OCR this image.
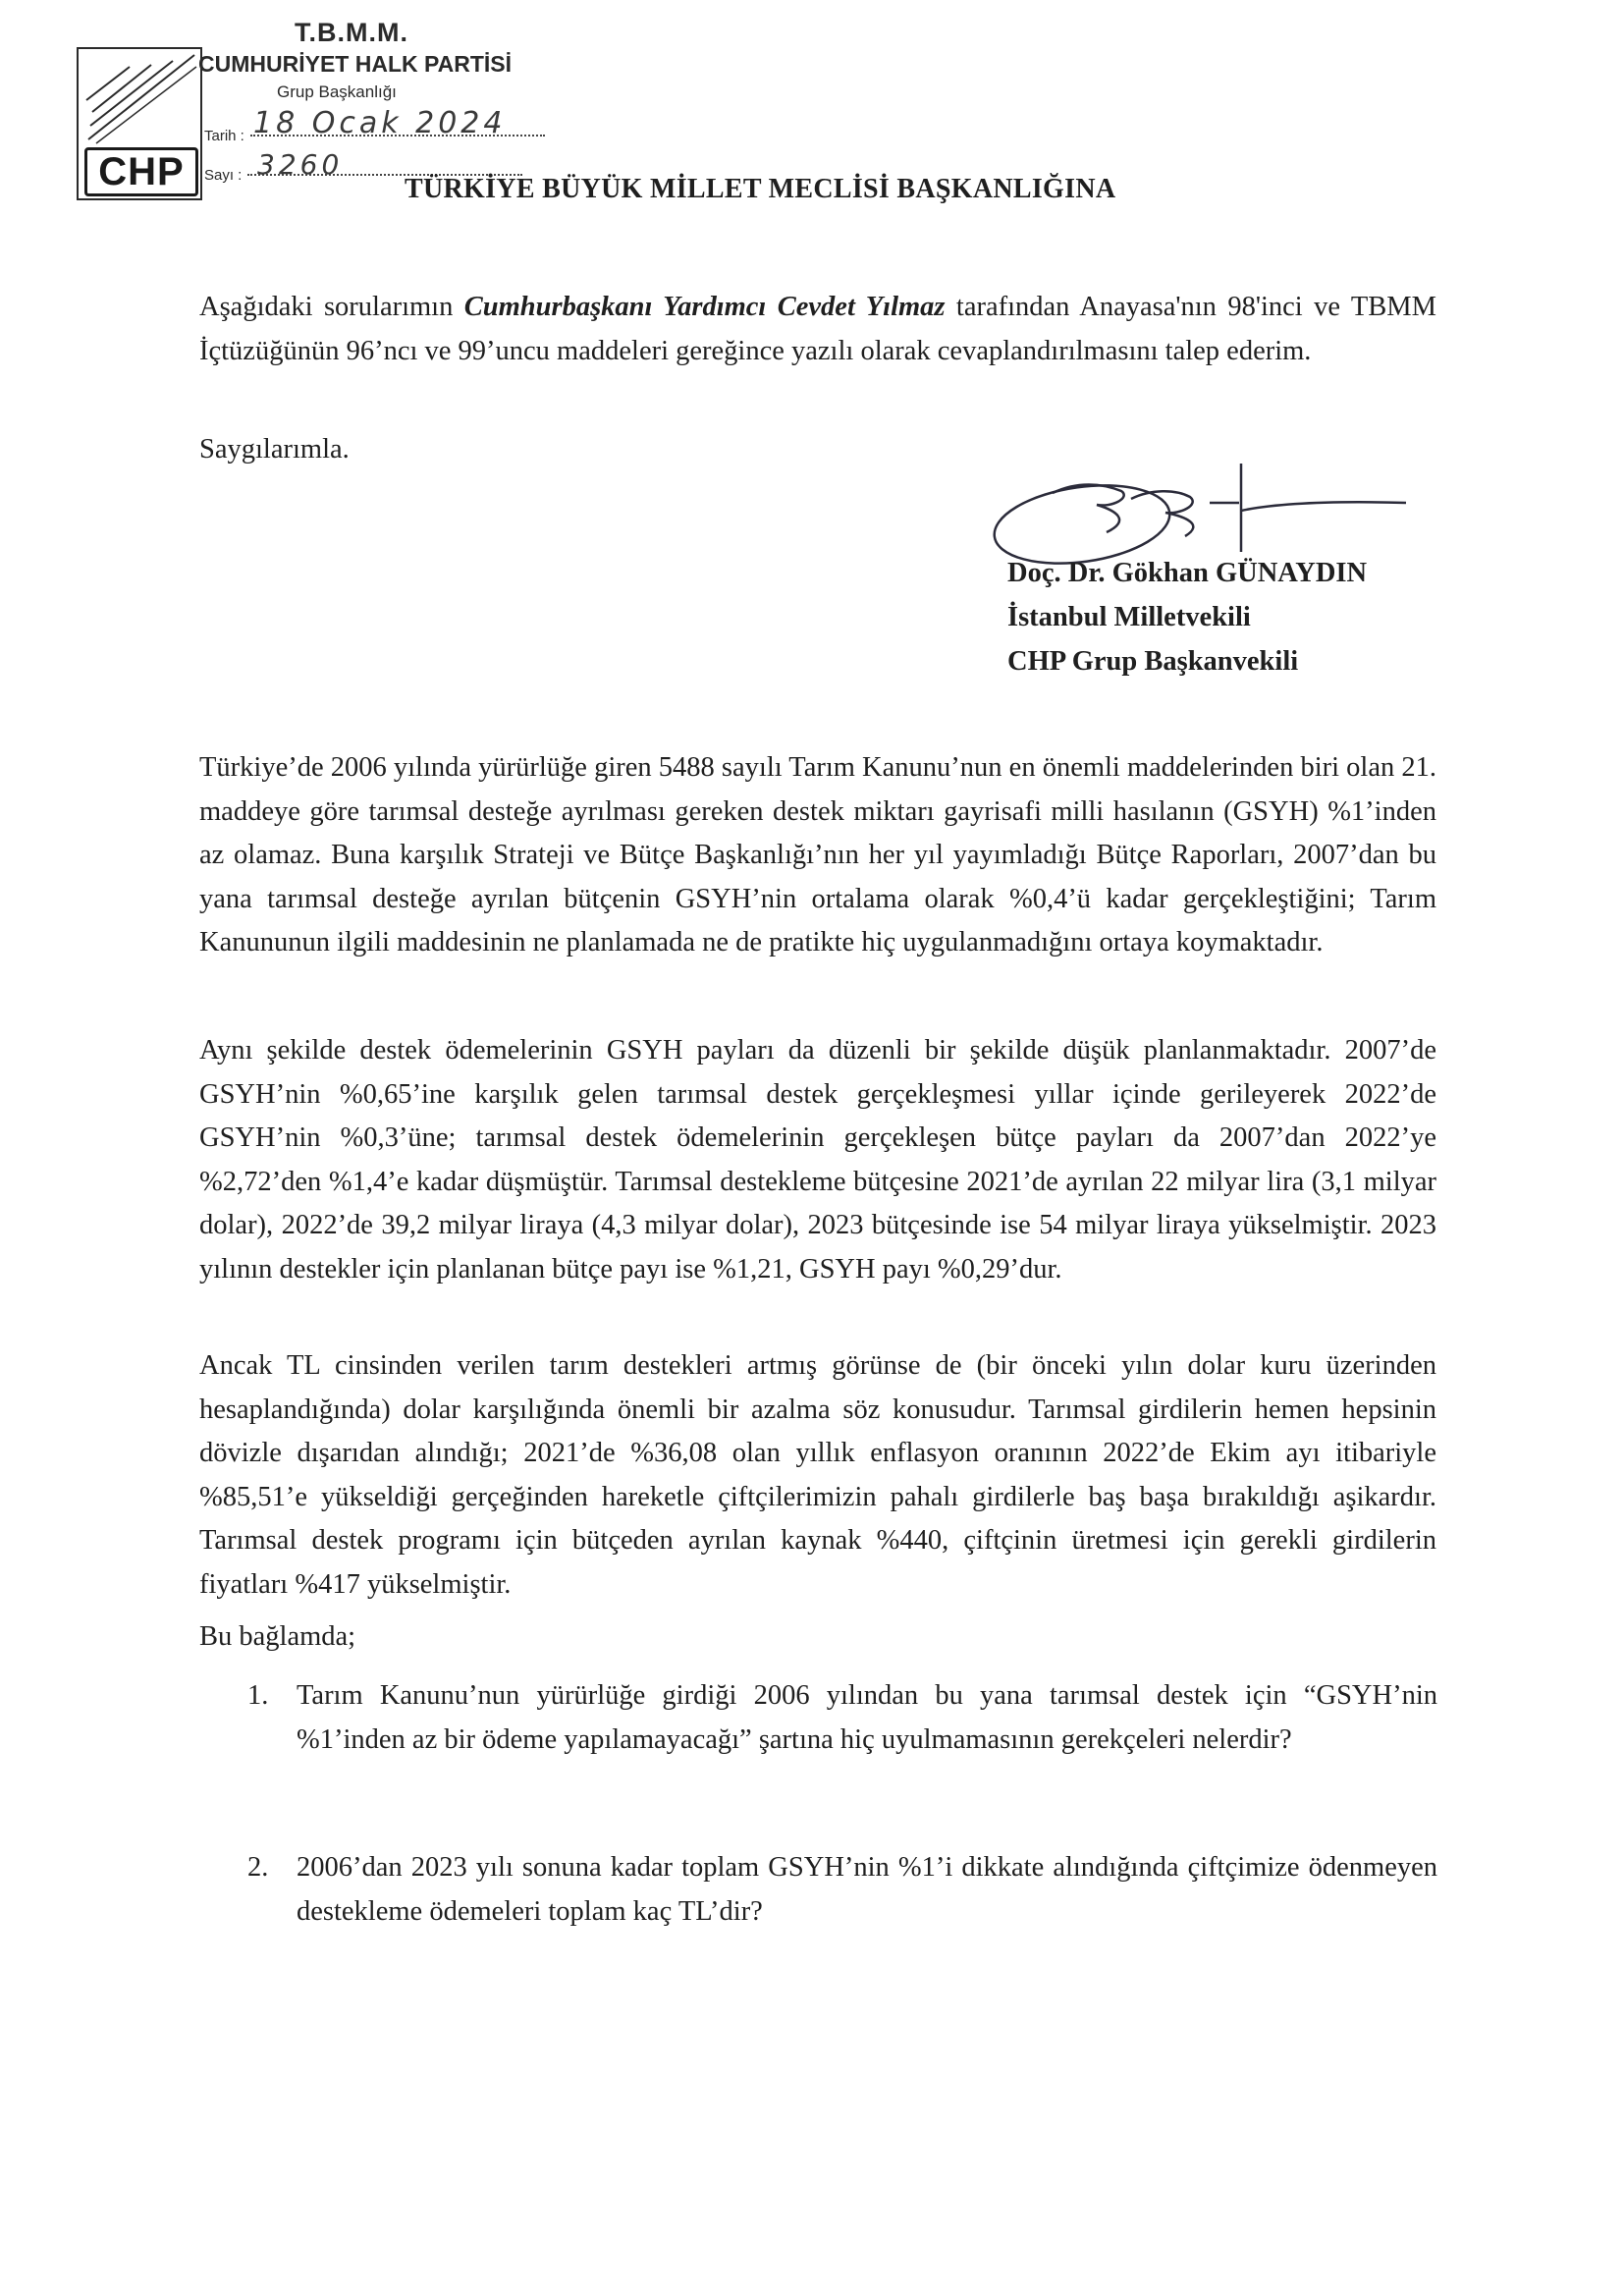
CHP
T.B.M.M.
CUMHURİYET HALK PARTİSİ
Grup Başkanlığı
Tarih :
Sayı :
18 Ocak 2024
3260
TÜRKİYE BÜYÜK MİLLET MECLİSİ BAŞKANLIĞINA

Aşağıdaki sorularımın Cumhurbaşkanı Yardımcı Cevdet Yılmaz tarafından Anayasa'nın 98'inci ve TBMM İçtüzüğünün 96’ncı ve 99’uncu maddeleri gereğince yazılı olarak cevaplandırılmasını talep ederim.

Saygılarımla.

Doç. Dr. Gökhan GÜNAYDIN
İstanbul Milletvekili
CHP Grup Başkanvekili

Türkiye’de 2006 yılında yürürlüğe giren 5488 sayılı Tarım Kanunu’nun en önemli maddelerinden biri olan 21. maddeye göre tarımsal desteğe ayrılması gereken destek miktarı gayrisafi milli hasılanın (GSYH) %1’inden az olamaz. Buna karşılık Strateji ve Bütçe Başkanlığı’nın her yıl yayımladığı Bütçe Raporları, 2007’dan bu yana tarımsal desteğe ayrılan bütçenin GSYH’nin ortalama olarak %0,4’ü kadar gerçekleştiğini; Tarım Kanununun ilgili maddesinin ne planlamada ne de pratikte hiç uygulanmadığını ortaya koymaktadır.

Aynı şekilde destek ödemelerinin GSYH payları da düzenli bir şekilde düşük planlanmaktadır. 2007’de GSYH’nin %0,65’ine karşılık gelen tarımsal destek gerçekleşmesi yıllar içinde gerileyerek 2022’de GSYH’nin %0,3’üne; tarımsal destek ödemelerinin gerçekleşen bütçe payları da 2007’dan 2022’ye %2,72’den %1,4’e kadar düşmüştür. Tarımsal destekleme bütçesine 2021’de ayrılan 22 milyar lira (3,1 milyar dolar), 2022’de 39,2 milyar liraya (4,3 milyar dolar), 2023 bütçesinde ise 54 milyar liraya yükselmiştir. 2023 yılının destekler için planlanan bütçe payı ise %1,21, GSYH payı %0,29’dur.

Ancak TL cinsinden verilen tarım destekleri artmış görünse de (bir önceki yılın dolar kuru üzerinden hesaplandığında) dolar karşılığında önemli bir azalma söz konusudur. Tarımsal girdilerin hemen hepsinin dövizle dışarıdan alındığı; 2021’de %36,08 olan yıllık enflasyon oranının 2022’de Ekim ayı itibariyle %85,51’e yükseldiği gerçeğinden hareketle çiftçilerimizin pahalı girdilerle baş başa bırakıldığı aşikardır. Tarımsal destek programı için bütçeden ayrılan kaynak %440, çiftçinin üretmesi için gerekli girdilerin fiyatları %417 yükselmiştir.

Bu bağlamda;

1. Tarım Kanunu’nun yürürlüğe girdiği 2006 yılından bu yana tarımsal destek için “GSYH’nin %1’inden az bir ödeme yapılamayacağı” şartına hiç uyulmamasının gerekçeleri nelerdir?
2. 2006’dan 2023 yılı sonuna kadar toplam GSYH’nin %1’i dikkate alındığında çiftçimize ödenmeyen destekleme ödemeleri toplam kaç TL’dir?
